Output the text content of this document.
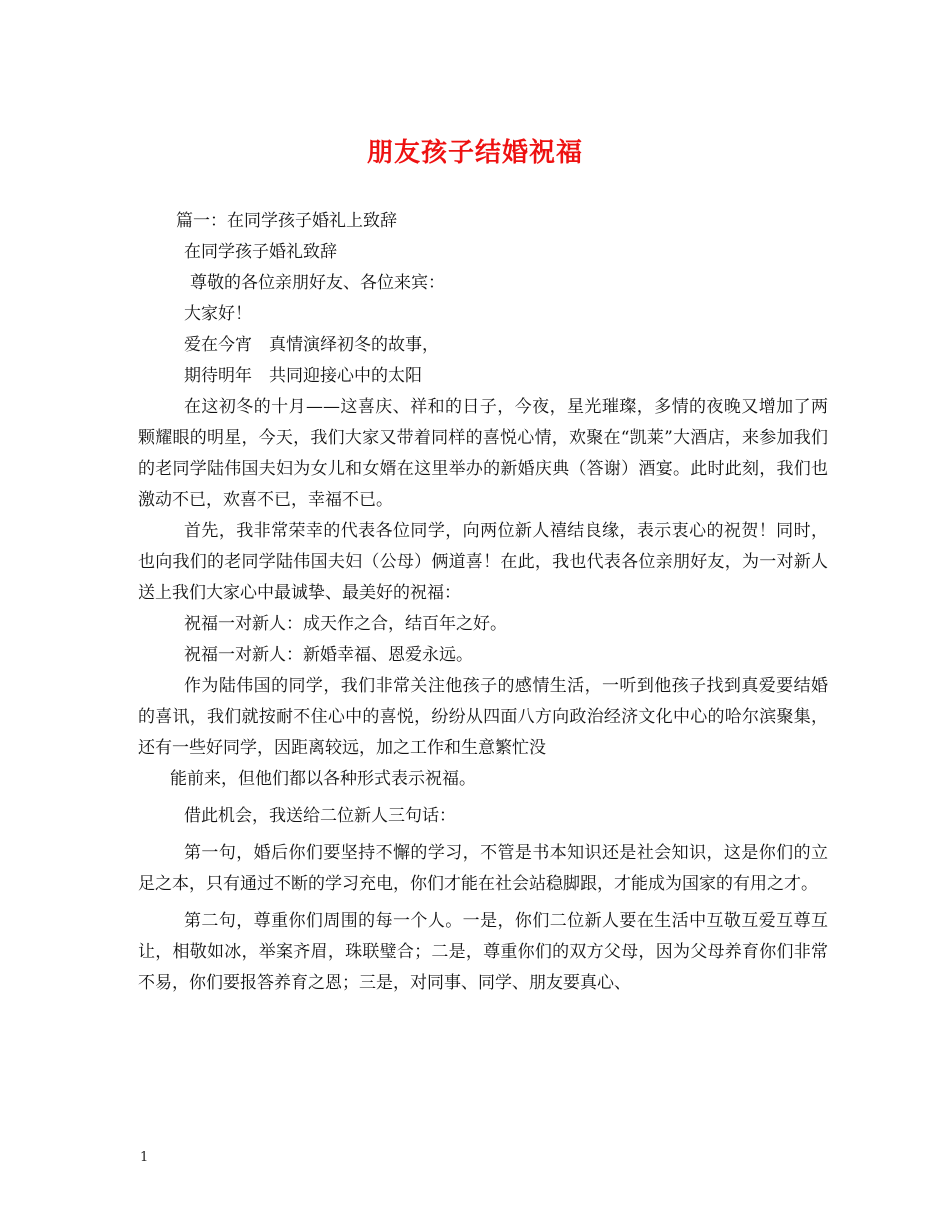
朋友孩子结婚祝福
篇一：在同学孩子婚礼上致辞
在同学孩子婚礼致辞
尊敬的各位亲朋好友、各位来宾：
大家好！
爱在今宵　真情演绎初冬的故事，
期待明年　共同迎接心中的太阳
在这初冬的十月——这喜庆、祥和的日子，今夜，星光璀璨，多情的夜晚又增加了两颗耀眼的明星，今天，我们大家又带着同样的喜悦心情，欢聚在“凯莱”大酒店，来参加我们的老同学陆伟国夫妇为女儿和女婿在这里举办的新婚庆典（答谢）酒宴。此时此刻，我们也激动不已，欢喜不已，幸福不已。
首先，我非常荣幸的代表各位同学，向两位新人禧结良缘，表示衷心的祝贺！同时，也向我们的老同学陆伟国夫妇（公母）俩道喜！在此，我也代表各位亲朋好友，为一对新人送上我们大家心中最诚挚、最美好的祝福：
祝福一对新人：成天作之合，结百年之好。
祝福一对新人：新婚幸福、恩爱永远。
作为陆伟国的同学，我们非常关注他孩子的感情生活，一听到他孩子找到真爱要结婚的喜讯，我们就按耐不住心中的喜悦，纷纷从四面八方向政治经济文化中心的哈尔滨聚集，还有一些好同学，因距离较远，加之工作和生意繁忙没
能前来，但他们都以各种形式表示祝福。
借此机会，我送给二位新人三句话：
第一句，婚后你们要坚持不懈的学习，不管是书本知识还是社会知识，这是你们的立足之本，只有通过不断的学习充电，你们才能在社会站稳脚跟，才能成为国家的有用之才。
第二句，尊重你们周围的每一个人。一是，你们二位新人要在生活中互敬互爱互尊互让，相敬如冰，举案齐眉，珠联璧合；二是，尊重你们的双方父母，因为父母养育你们非常不易，你们要报答养育之恩；三是，对同事、同学、朋友要真心、
1
